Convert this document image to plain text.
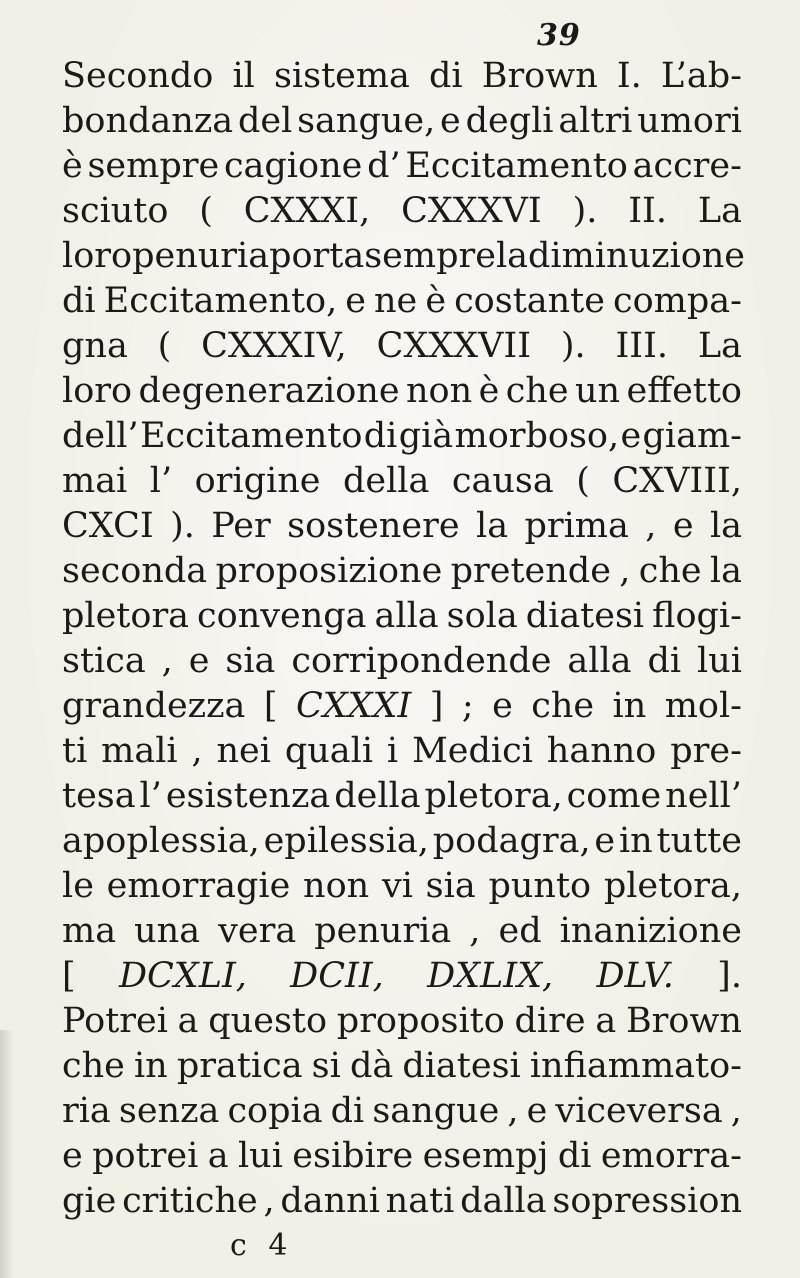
39
Secondo il sistema di Brown I. L’ab-
bondanza del sangue, e degli altri umori
è sempre cagione d’ Eccitamento accre-
sciuto ( CXXXI, CXXXVI ). II. La
loro penuria porta sempre la diminuzione
di Eccitamento, e ne è costante compa-
gna ( CXXXIV, CXXXVII ). III. La
loro degenerazione non è che un effetto
dell’ Eccitamento di già morboso, e giam-
mai l’ origine della causa ( CXVIII,
CXCI ). Per sostenere la prima , e la
seconda proposizione pretende , che la
pletora convenga alla sola diatesi flogi-
stica , e sia corripondende alla di lui
grandezza [ CXXXI ] ; e che in mol-
ti mali , nei quali i Medici hanno pre-
tesa l’ esistenza della pletora, come nell’
apoplessia, epilessia, podagra, e in tutte
le emorragie non vi sia punto pletora,
ma una vera penuria , ed inanizione
[ DCXLI, DCII, DXLIX, DLV. ].
Potrei a questo proposito dire a Brown
che in pratica si dà diatesi infiammato-
ria senza copia di sangue , e viceversa ,
e potrei a lui esibire esempj di emorra-
gie critiche , danni nati dalla sopression
c 4
